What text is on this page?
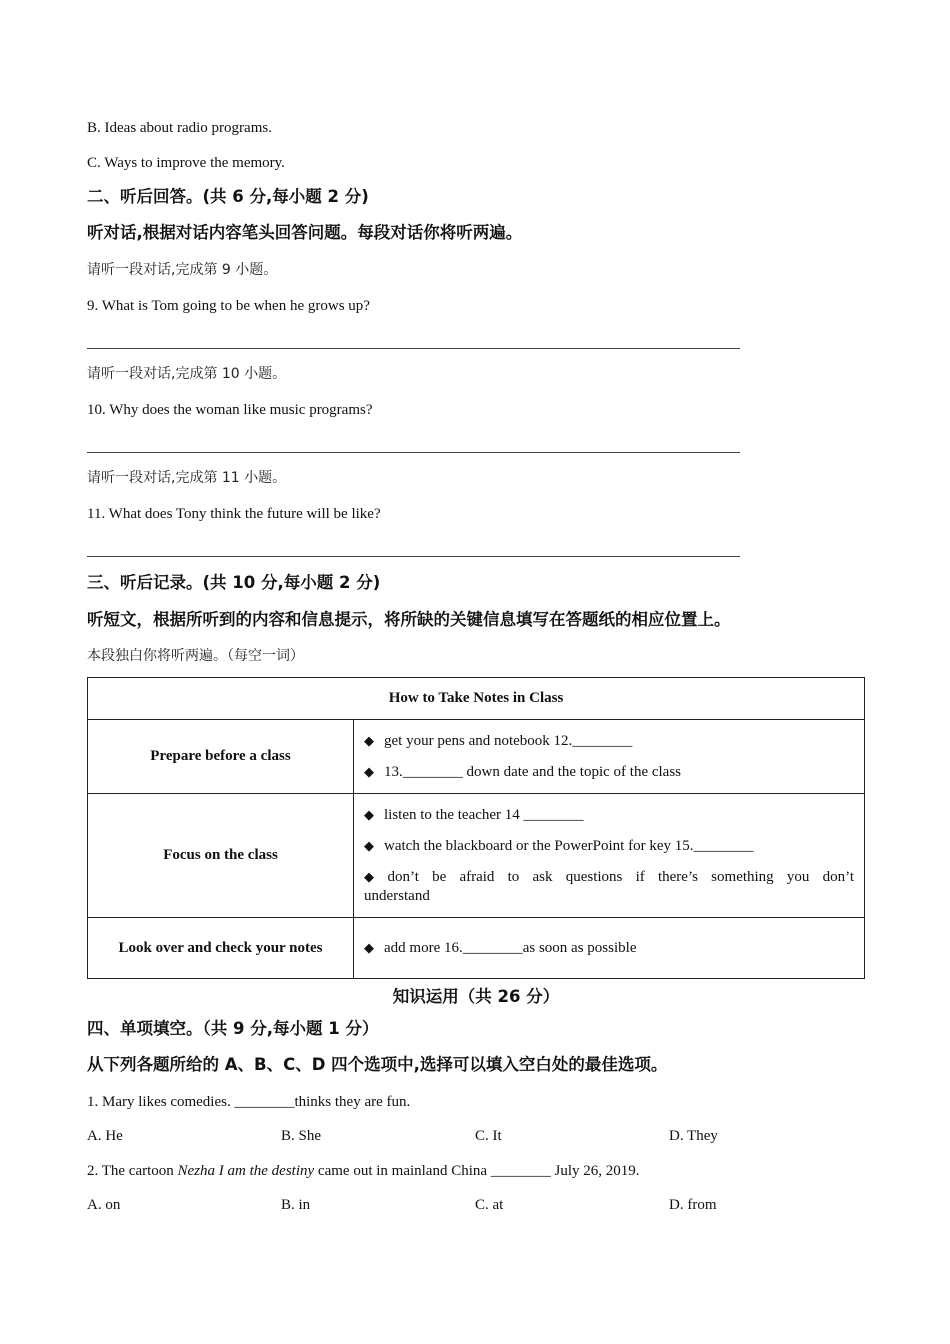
B. Ideas about radio programs.
C. Ways to improve the memory.
二、听后回答。(共 6 分,每小题 2 分)
听对话,根据对话内容笔头回答问题。每段对话你将听两遍。
请听一段对话,完成第 9 小题。
9. What is Tom going to be when he grows up?
请听一段对话,完成第 10 小题。
10. Why does the woman like music programs?
请听一段对话,完成第 11 小题。
11. What does Tony think the future will be like?
三、听后记录。(共 10 分,每小题 2 分)
听短文，根据所听到的内容和信息提示，将所缺的关键信息填写在答题纸的相应位置上。
本段独白你将听两遍。（每空一词）
How to Take Notes in Class	
Prepare before a class	◆ get your pens and notebook 12.________

◆ 13.________ down date and the topic of the class

Focus on the class	◆ listen to the teacher 14 ________

◆ watch the blackboard or the PowerPoint for key 15.________

◆ don’t be afraid to ask questions if there’s something you don’t understand

Look over and check your notes	◆ add more 16.________as soon as possible

知识运用（共 26 分）
四、单项填空。（共 9 分,每小题 1 分）
从下列各题所给的 A、B、C、D 四个选项中,选择可以填入空白处的最佳选项。
1. Mary likes comedies. ________thinks they are fun.
A. He	B. She	C. It	D. They
2. The cartoon Nezha I am the destiny came out in mainland China ________ July 26, 2019.
A. on	B. in	C. at	D. from
